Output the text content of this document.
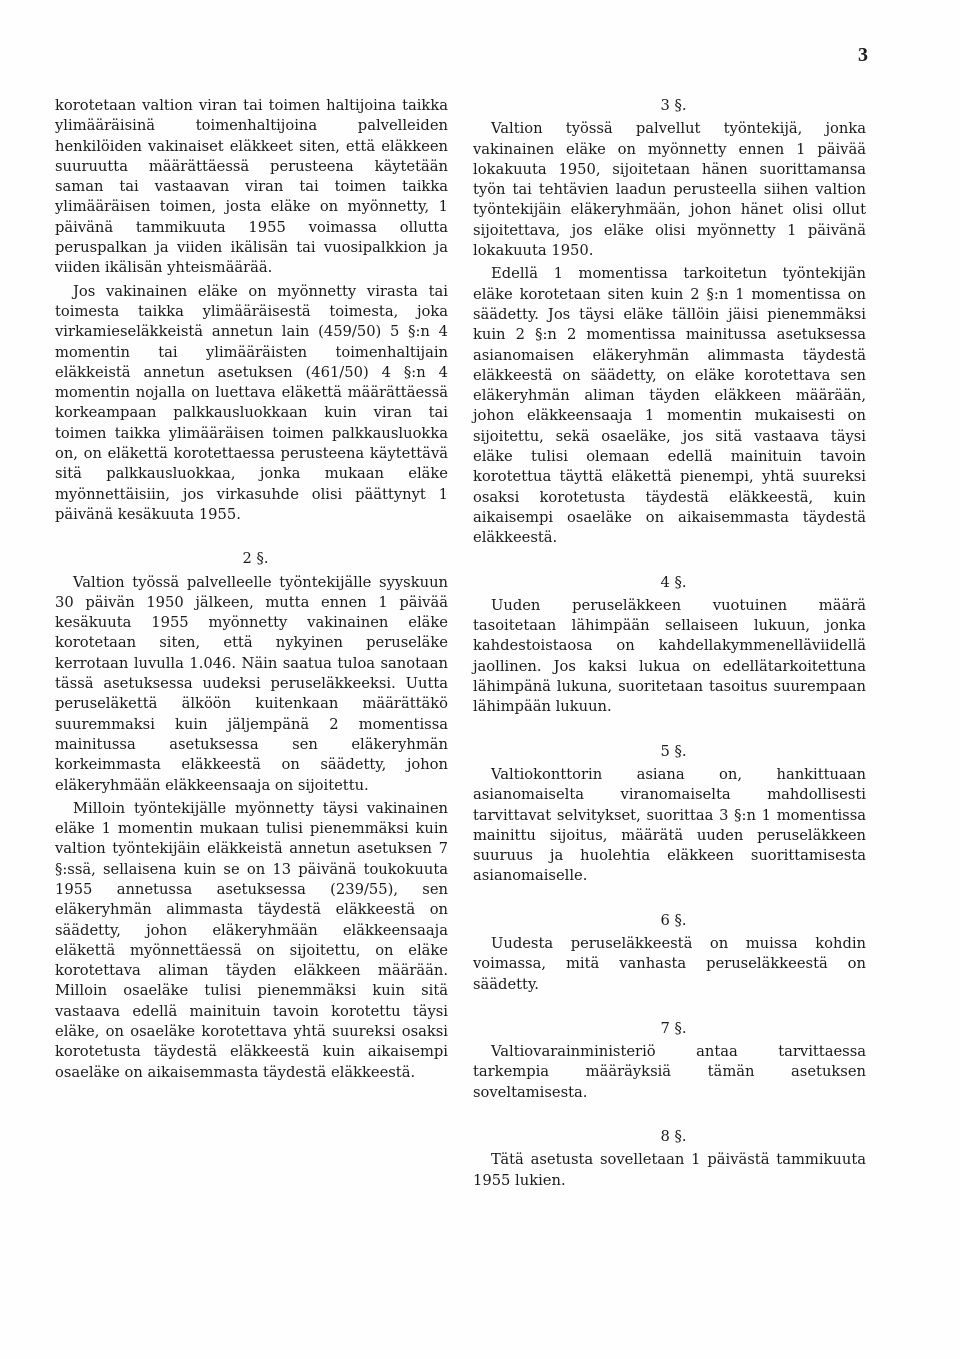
3

korotetaan valtion viran tai toimen haltijoina taikka ylimääräisinä toimenhaltijoina palvelleiden henkilöiden vakinaiset eläkkeet siten, että eläkkeen suuruutta määrättäessä perusteena käytetään saman tai vastaavan viran tai toimen taikka ylimääräisen toimen, josta eläke on myönnetty, 1 päivänä tammikuuta 1955 voimassa ollutta peruspalkan ja viiden ikälisän tai vuosipalkkion ja viiden ikälisän yhteismäärää.

Jos vakinainen eläke on myönnetty virasta tai toimesta taikka ylimääräisestä toimesta, joka virkamieseläkkeistä annetun lain (459/50) 5 §:n 4 momentin tai ylimääräisten toimenhaltijain eläkkeistä annetun asetuksen (461/50) 4 §:n 4 momentin nojalla on luettava eläkettä määrättäessä korkeampaan palkkausluokkaan kuin viran tai toimen taikka ylimääräisen toimen palkkausluokka on, on eläkettä korotettaessa perusteena käytettävä sitä palkkausluokkaa, jonka mukaan eläke myönnettäisiin, jos virkasuhde olisi päättynyt 1 päivänä kesäkuuta 1955.

2 §.

Valtion työssä palvelleelle työntekijälle syyskuun 30 päivän 1950 jälkeen, mutta ennen 1 päivää kesäkuuta 1955 myönnetty vakinainen eläke korotetaan siten, että nykyinen peruseläke kerrotaan luvulla 1.046. Näin saatua tuloa sanotaan tässä asetuksessa uudeksi peruseläkkeeksi. Uutta peruseläkettä älköön kuitenkaan määrättäkö suuremmaksi kuin jäljempänä 2 momentissa mainitussa asetuksessa sen eläkeryhmän korkeimmasta eläkkeestä on säädetty, johon eläkeryhmään eläkkeensaaja on sijoitettu.

Milloin työntekijälle myönnetty täysi vakinainen eläke 1 momentin mukaan tulisi pienemmäksi kuin valtion työntekijäin eläkkeistä annetun asetuksen 7 §:ssä, sellaisena kuin se on 13 päivänä toukokuuta 1955 annetussa asetuksessa (239/55), sen eläkeryhmän alimmasta täydestä eläkkeestä on säädetty, johon eläkeryhmään eläkkeensaaja eläkettä myönnettäessä on sijoitettu, on eläke korotettava aliman täyden eläkkeen määrään. Milloin osaeläke tulisi pienemmäksi kuin sitä vastaava edellä mainituin tavoin korotettu täysi eläke, on osaeläke korotettava yhtä suureksi osaksi korotetusta täydestä eläkkeestä kuin aikaisempi osaeläke on aikaisemmasta täydestä eläkkeestä.

3 §.

Valtion työssä palvellut työntekijä, jonka vakinainen eläke on myönnetty ennen 1 päivää lokakuuta 1950, sijoitetaan hänen suorittamansa työn tai tehtävien laadun perusteella siihen valtion työntekijäin eläkeryhmään, johon hänet olisi ollut sijoitettava, jos eläke olisi myönnetty 1 päivänä lokakuuta 1950.

Edellä 1 momentissa tarkoitetun työntekijän eläke korotetaan siten kuin 2 §:n 1 momentissa on säädetty. Jos täysi eläke tällöin jäisi pienemmäksi kuin 2 §:n 2 momentissa mainitussa asetuksessa asianomaisen eläkeryhmän alimmasta täydestä eläkkeestä on säädetty, on eläke korotettava sen eläkeryhmän aliman täyden eläkkeen määrään, johon eläkkeensaaja 1 momentin mukaisesti on sijoitettu, sekä osaeläke, jos sitä vastaava täysi eläke tulisi olemaan edellä mainituin tavoin korotettua täyttä eläkettä pienempi, yhtä suureksi osaksi korotetusta täydestä eläkkeestä, kuin aikaisempi osaeläke on aikaisemmasta täydestä eläkkeestä.

4 §.

Uuden peruseläkkeen vuotuinen määrä tasoitetaan lähimpään sellaiseen lukuun, jonka kahdestoistaosa on kahdellakymmenelläviidellä jaollinen. Jos kaksi lukua on edellätarkoitettuna lähimpänä lukuna, suoritetaan tasoitus suurempaan lähimpään lukuun.

5 §.

Valtiokonttorin asiana on, hankittuaan asianomaiselta viranomaiselta mahdollisesti tarvittavat selvitykset, suorittaa 3 §:n 1 momentissa mainittu sijoitus, määrätä uuden peruseläkkeen suuruus ja huolehtia eläkkeen suorittamisesta asianomaiselle.

6 §.

Uudesta peruseläkkeestä on muissa kohdin voimassa, mitä vanhasta peruseläkkeestä on säädetty.

7 §.

Valtiovarainministeriö antaa tarvittaessa tarkempia määräyksiä tämän asetuksen soveltamisesta.

8 §.

Tätä asetusta sovelletaan 1 päivästä tammikuuta 1955 lukien.
